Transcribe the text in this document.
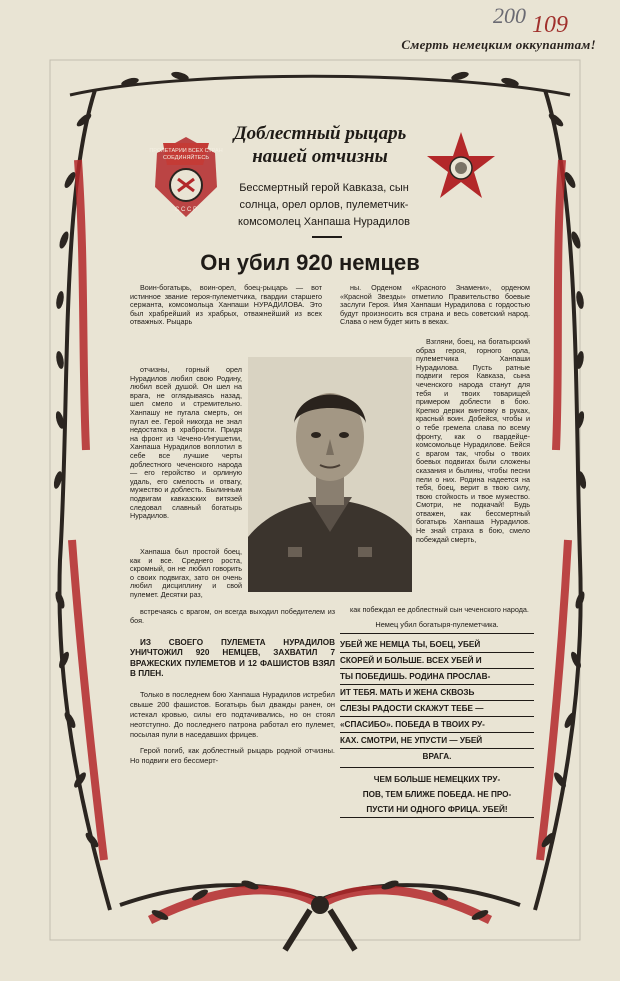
200 109
Смерть немецким оккупантам!
ПРОЛЕТАРИИ ВСЕХ СТРАН
СОЕДИНЯЙТЕСЬ
С С С Р
Доблестный рыцарь
нашей отчизны
Бессмертный герой Кавказа, сын
солнца, орел орлов, пулеметчик-
комсомолец Ханпаша Нурадилов
Он убил 920 немцев

Воин-богатырь, воин-орел, боец-рыцарь — вот истинное звание героя-пулеметчика, гвардии старшего сержанта, комсомольца Ханпаши НУРАДИЛОВА. Это был храбрейший из храбрых, отважнейший из всех отважных. Рыцарь

отчизны, горный орел Нурадилов любил свою Родину, любил всей душой. Он шел на врага, не оглядываясь назад, шел смело и стремительно. Ханпашу не пугала смерть, он пугал ее. Герой никогда не знал недостатка в храбрости. Придя на фронт из Чечено-Ингушетии, Ханпаша Нурадилов воплотил в себе все лучшие черты доблестного чеченского народа — его геройство и орлиную удаль, его смелость и отвагу, мужество и доблесть. Былинным подвигам кавказских витязей следовал славный богатырь Нурадилов.

Ханпаша был простой боец, как и все. Среднего роста, скромный, он не любил говорить о своих подвигах, зато он очень любил дисциплину и свой пулемет. Десятки раз,

встречаясь с врагом, он всегда выходил победителем из боя.

ны. Орденом «Красного Знамени», орденом «Красной Звезды» отметило Правительство боевые заслуги Героя. Имя Ханпаши Нурадилова с гордостью будут произносить вся страна и весь советский народ. Слава о нем будет жить в веках.

Взгляни, боец, на богатырский образ героя, горного орла, пулеметчика Ханпаши Нурадилова. Пусть ратные подвиги героя Кавказа, сына чеченского народа станут для тебя и твоих товарищей примером доблести в бою. Крепко держи винтовку в руках, красный воин. Добейся, чтобы и о тебе гремела слава по всему фронту, как о гвардейце-комсомольце Нурадилове. Бейся с врагом так, чтобы о твоих боевых подвигах были сложены сказания и былины, чтобы песни пели о них. Родина надеется на тебя, боец, верит в твою силу, твою стойкость и твое мужество. Смотри, не подкачай! Будь отважен, как бессмертный богатырь Ханпаша Нурадилов. Не знай страха в бою, смело побеждай смерть,

как побеждал ее доблестный сын чеченского народа.

ИЗ СВОЕГО ПУЛЕМЕТА НУРАДИЛОВ УНИЧТОЖИЛ 920 НЕМЦЕВ, ЗАХВАТИЛ 7 ВРАЖЕСКИХ ПУЛЕМЕТОВ И 12 ФАШИСТОВ ВЗЯЛ В ПЛЕН.

Только в последнем бою Ханпаша Нурадилов истребил свыше 200 фашистов. Богатырь был дважды ранен, он истекал кровью, силы его подтачивались, но он стоял неотступно. До последнего патрона работал его пулемет, посылая пули в наседавших фрицев.

Герой погиб, как доблестный рыцарь родной отчизны. Но подвиги его бессмерт-

Немец убил богатыря-пулеметчика.
УБЕЙ ЖЕ НЕМЦА ТЫ, БОЕЦ, УБЕЙ
СКОРЕЙ И БОЛЬШЕ. ВСЕХ УБЕЙ И
ТЫ ПОБЕДИШЬ. РОДИНА ПРОСЛАВ-
ИТ ТЕБЯ. МАТЬ И ЖЕНА СКВОЗЬ
СЛЕЗЫ РАДОСТИ СКАЖУТ ТЕБЕ —
«СПАСИБО». ПОБЕДА В ТВОИХ РУ-
КАХ. СМОТРИ, НЕ УПУСТИ — УБЕЙ
ВРАГА.
ЧЕМ БОЛЬШЕ НЕМЕЦКИХ ТРУ-
ПОВ, ТЕМ БЛИЖЕ ПОБЕДА. НЕ ПРО-
ПУСТИ НИ ОДНОГО ФРИЦА. УБЕЙ!
